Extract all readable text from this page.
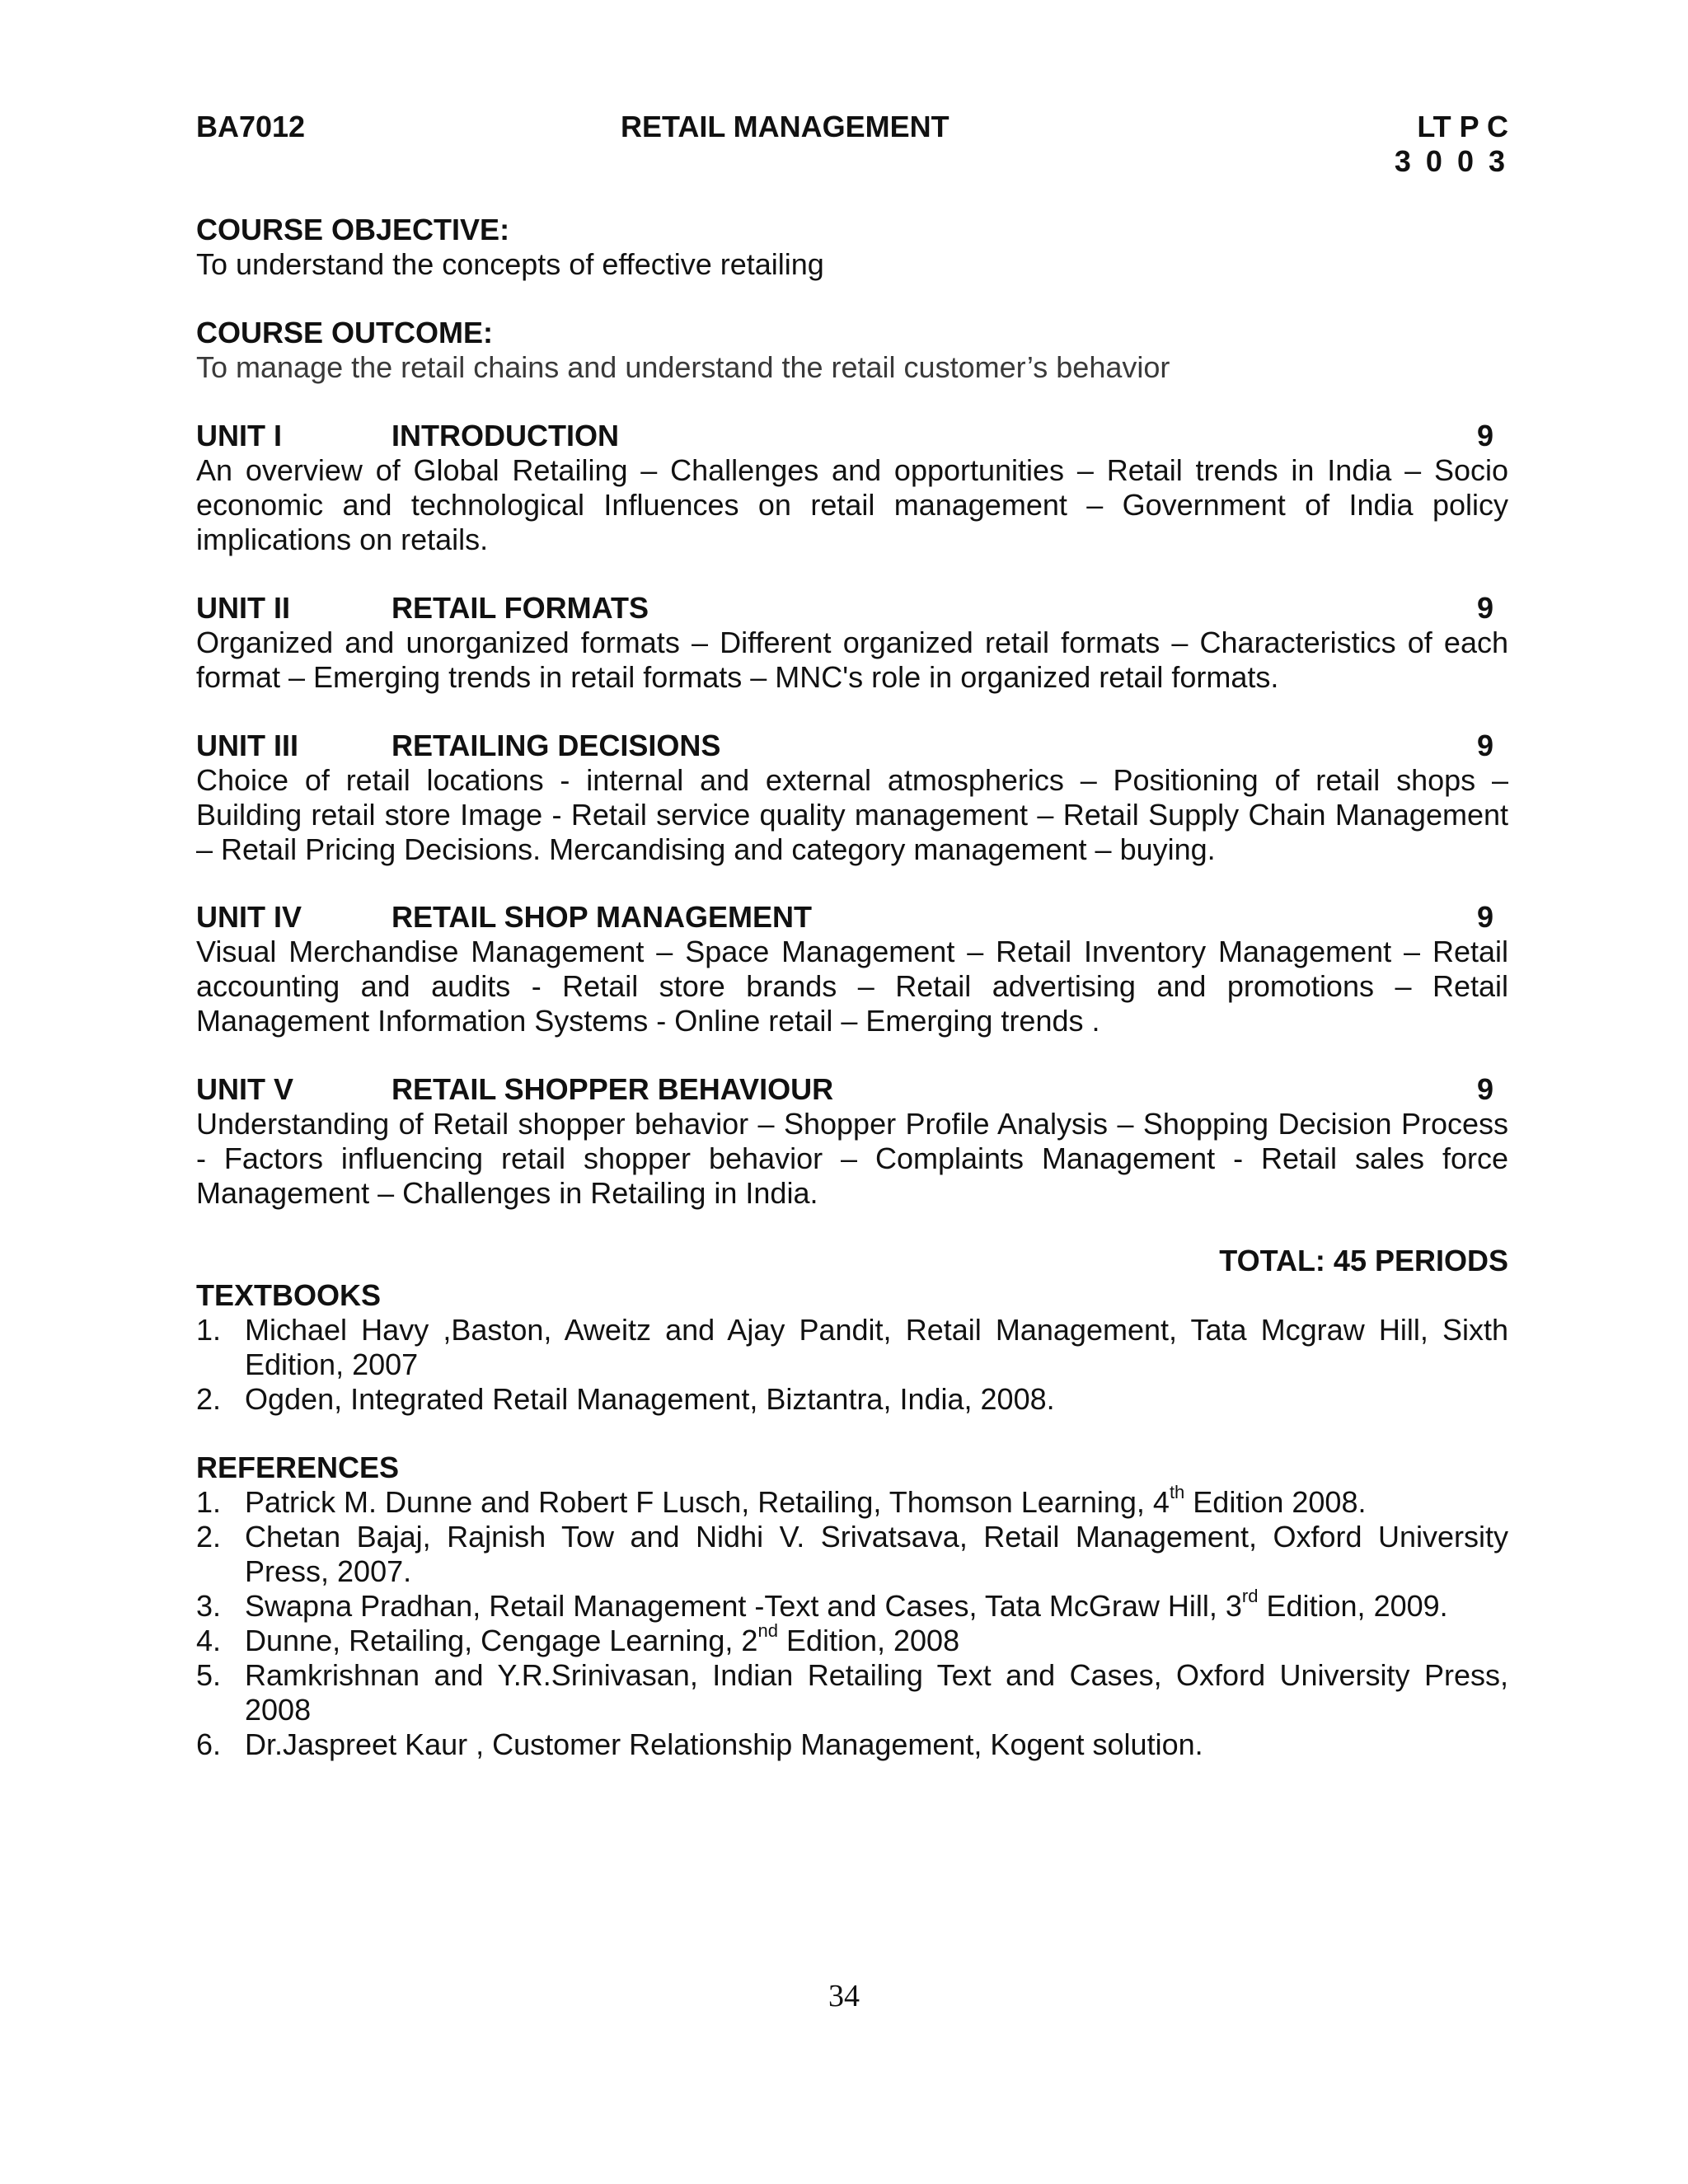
BA7012	RETAIL MANAGEMENT	LT P C
3 0 0 3
COURSE OBJECTIVE:
To understand the concepts of effective retailing
COURSE OUTCOME:
To manage the retail chains and understand the retail customer’s behavior
UNIT I	INTRODUCTION	9
An overview of Global Retailing – Challenges and opportunities – Retail trends in India – Socio economic and technological Influences on retail management – Government of India policy implications on retails.
UNIT II	RETAIL FORMATS	9
Organized and unorganized formats – Different organized retail formats – Characteristics of each format – Emerging trends in retail formats – MNC's role in organized retail formats.
UNIT III	RETAILING DECISIONS	9
Choice of retail locations - internal and external atmospherics – Positioning of retail shops – Building retail store Image - Retail service quality management – Retail Supply Chain Management – Retail Pricing Decisions. Mercandising and category management – buying.
UNIT IV	RETAIL SHOP MANAGEMENT	9
Visual Merchandise Management – Space Management – Retail Inventory Management – Retail accounting and audits - Retail store brands – Retail advertising and promotions – Retail Management Information Systems - Online retail – Emerging trends .
UNIT V	RETAIL SHOPPER BEHAVIOUR	9
Understanding of Retail shopper behavior – Shopper Profile Analysis – Shopping Decision Process - Factors influencing retail shopper behavior – Complaints Management - Retail sales force Management – Challenges in Retailing in India.
TOTAL: 45 PERIODS
TEXTBOOKS
1. Michael Havy ,Baston, Aweitz and Ajay Pandit, Retail Management, Tata Mcgraw Hill, Sixth Edition, 2007
2. Ogden, Integrated Retail Management, Biztantra, India, 2008.
REFERENCES
1. Patrick M. Dunne and Robert F Lusch, Retailing, Thomson Learning, 4th Edition 2008.
2. Chetan Bajaj, Rajnish Tow and Nidhi V. Srivatsava, Retail Management, Oxford University Press, 2007.
3. Swapna Pradhan, Retail Management -Text and Cases, Tata McGraw Hill, 3rd Edition, 2009.
4. Dunne, Retailing, Cengage Learning, 2nd Edition, 2008
5. Ramkrishnan and Y.R.Srinivasan, Indian Retailing Text and Cases, Oxford University Press, 2008
6. Dr.Jaspreet Kaur , Customer Relationship Management, Kogent solution.
34
